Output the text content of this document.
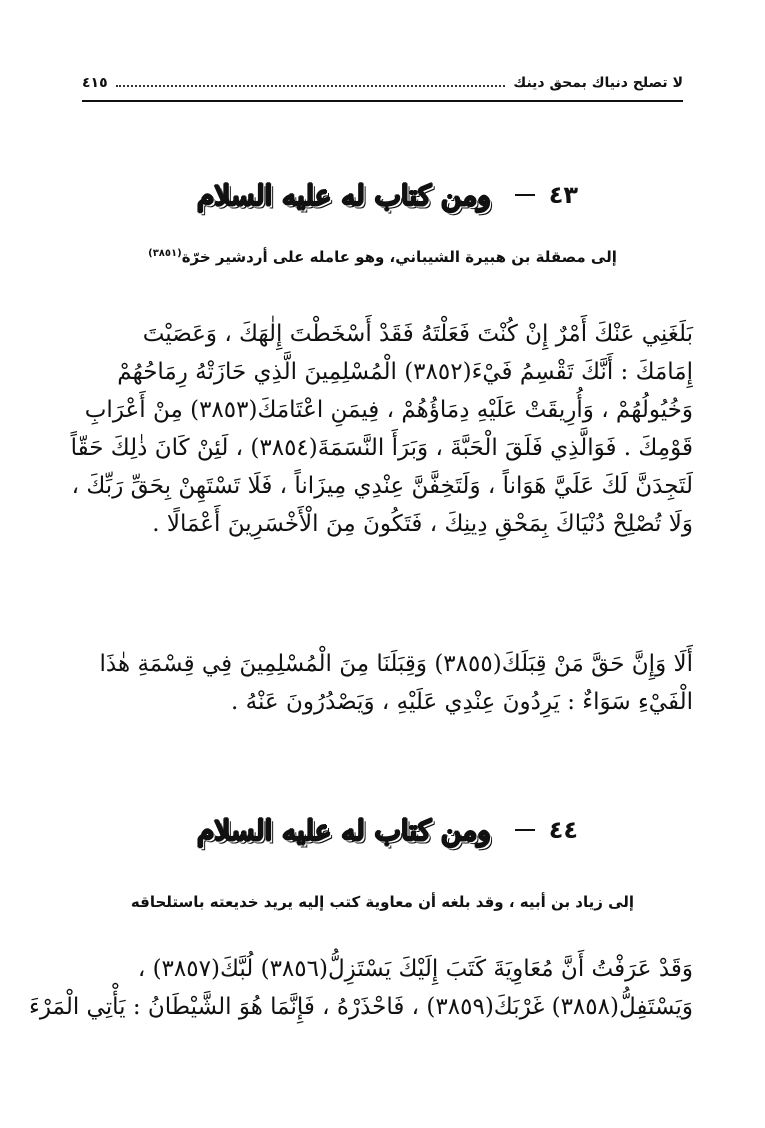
لا تصلح دنياك بمحق دينك
٤١٥
٤٣
ومن كتاب له عليه السلام
إلى مصقلة بن هبيرة الشيباني، وهو عامله على أردشير خرّة$^{(٣٨٥١)}$
بَلَغَنِي عَنْكَ أَمْرٌ إِنْ كُنْتَ فَعَلْتَهُ فَقَدْ أَسْخَطْتَ إِلٰهَكَ ، وَعَصَيْتَ
إِمَامَكَ : أَنَّكَ تَقْسِمُ فَيْءَ(٣٨٥٢) الْمُسْلِمِينَ الَّذِي حَازَتْهُ رِمَاحُهُمْ
وَخُيُولُهُمْ ، وَأُرِيقَتْ عَلَيْهِ دِمَاؤُهُمْ ، فِيمَنِ اعْتَامَكَ(٣٨٥٣) مِنْ أَعْرَابِ
قَوْمِكَ . فَوَالَّذِي فَلَقَ الْحَبَّةَ ، وَبَرَأَ النَّسَمَةَ(٣٨٥٤) ، لَئِنْ كَانَ ذٰلِكَ حَقّاً
لَتَجِدَنَّ لَكَ عَلَيَّ هَوَاناً ، وَلَتَخِفَّنَّ عِنْدِي مِيزَاناً ، فَلَا تَسْتَهِنْ بِحَقِّ رَبِّكَ ،
وَلَا تُصْلِحْ دُنْيَاكَ بِمَحْقِ دِينِكَ ، فَتَكُونَ مِنَ الْأَخْسَرِينَ أَعْمَالًا .
أَلَا وَإِنَّ حَقَّ مَنْ قِبَلَكَ(٣٨٥٥) وَقِبَلَنَا مِنَ الْمُسْلِمِينَ فِي قِسْمَةِ هٰذَا
الْفَيْءِ سَوَاءٌ : يَرِدُونَ عِنْدِي عَلَيْهِ ، وَيَصْدُرُونَ عَنْهُ .
٤٤
ومن كتاب له عليه السلام
إلى زياد بن أبيه ، وقد بلغه أن معاوية كتب إليه يريد خديعته باستلحاقه
وَقَدْ عَرَفْتُ أَنَّ مُعَاوِيَةَ كَتَبَ إِلَيْكَ يَسْتَزِلُّ(٣٨٥٦) لُبَّكَ(٣٨٥٧) ،
وَيَسْتَفِلُّ(٣٨٥٨) غَرْبَكَ(٣٨٥٩) ، فَاحْذَرْهُ ، فَإِنَّمَا هُوَ الشَّيْطَانُ : يَأْتِي الْمَرْءَ
